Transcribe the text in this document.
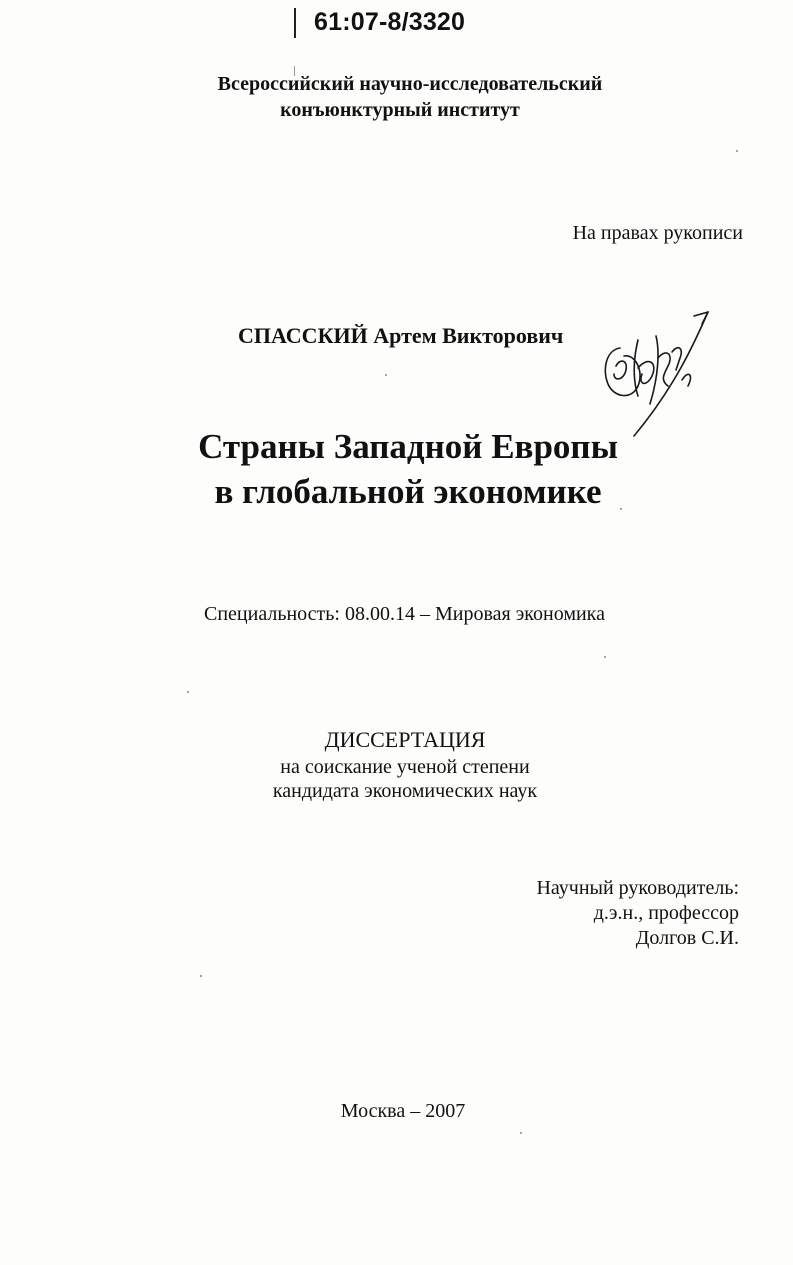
61:07-8/3320
Всероссийский научно-исследовательский
конъюнктурный институт
На правах рукописи
СПАССКИЙ Артем Викторович
Страны Западной Европы
в глобальной экономике
Специальность: 08.00.14 – Мировая экономика
ДИССЕРТАЦИЯ
на соискание ученой степени
кандидата экономических наук
Научный руководитель:
д.э.н., профессор
Долгов С.И.
Москва – 2007
